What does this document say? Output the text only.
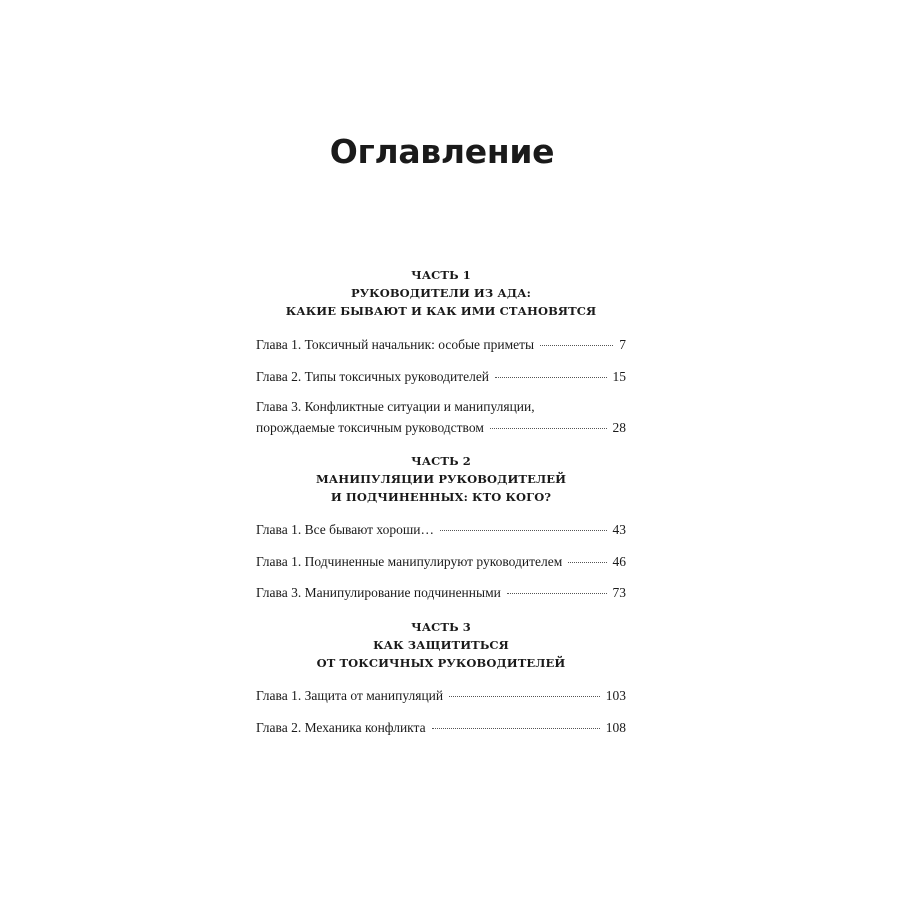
Оглавление
ЧАСТЬ 1
РУКОВОДИТЕЛИ ИЗ АДА:
КАКИЕ БЫВАЮТ И КАК ИМИ СТАНОВЯТСЯ
Глава 1. Токсичный начальник: особые приметы	7
Глава 2. Типы токсичных руководителей	15
Глава 3. Конфликтные ситуации и манипуляции,
порождаемые токсичным руководством	28
ЧАСТЬ 2
МАНИПУЛЯЦИИ РУКОВОДИТЕЛЕЙ
И ПОДЧИНЕННЫХ: КТО КОГО?
Глава 1. Все бывают хороши…	43
Глава 1. Подчиненные манипулируют руководителем	46
Глава 3. Манипулирование подчиненными	73
ЧАСТЬ 3
КАК ЗАЩИТИТЬСЯ
ОТ ТОКСИЧНЫХ РУКОВОДИТЕЛЕЙ
Глава 1. Защита от манипуляций	103
Глава 2. Механика конфликта	108
